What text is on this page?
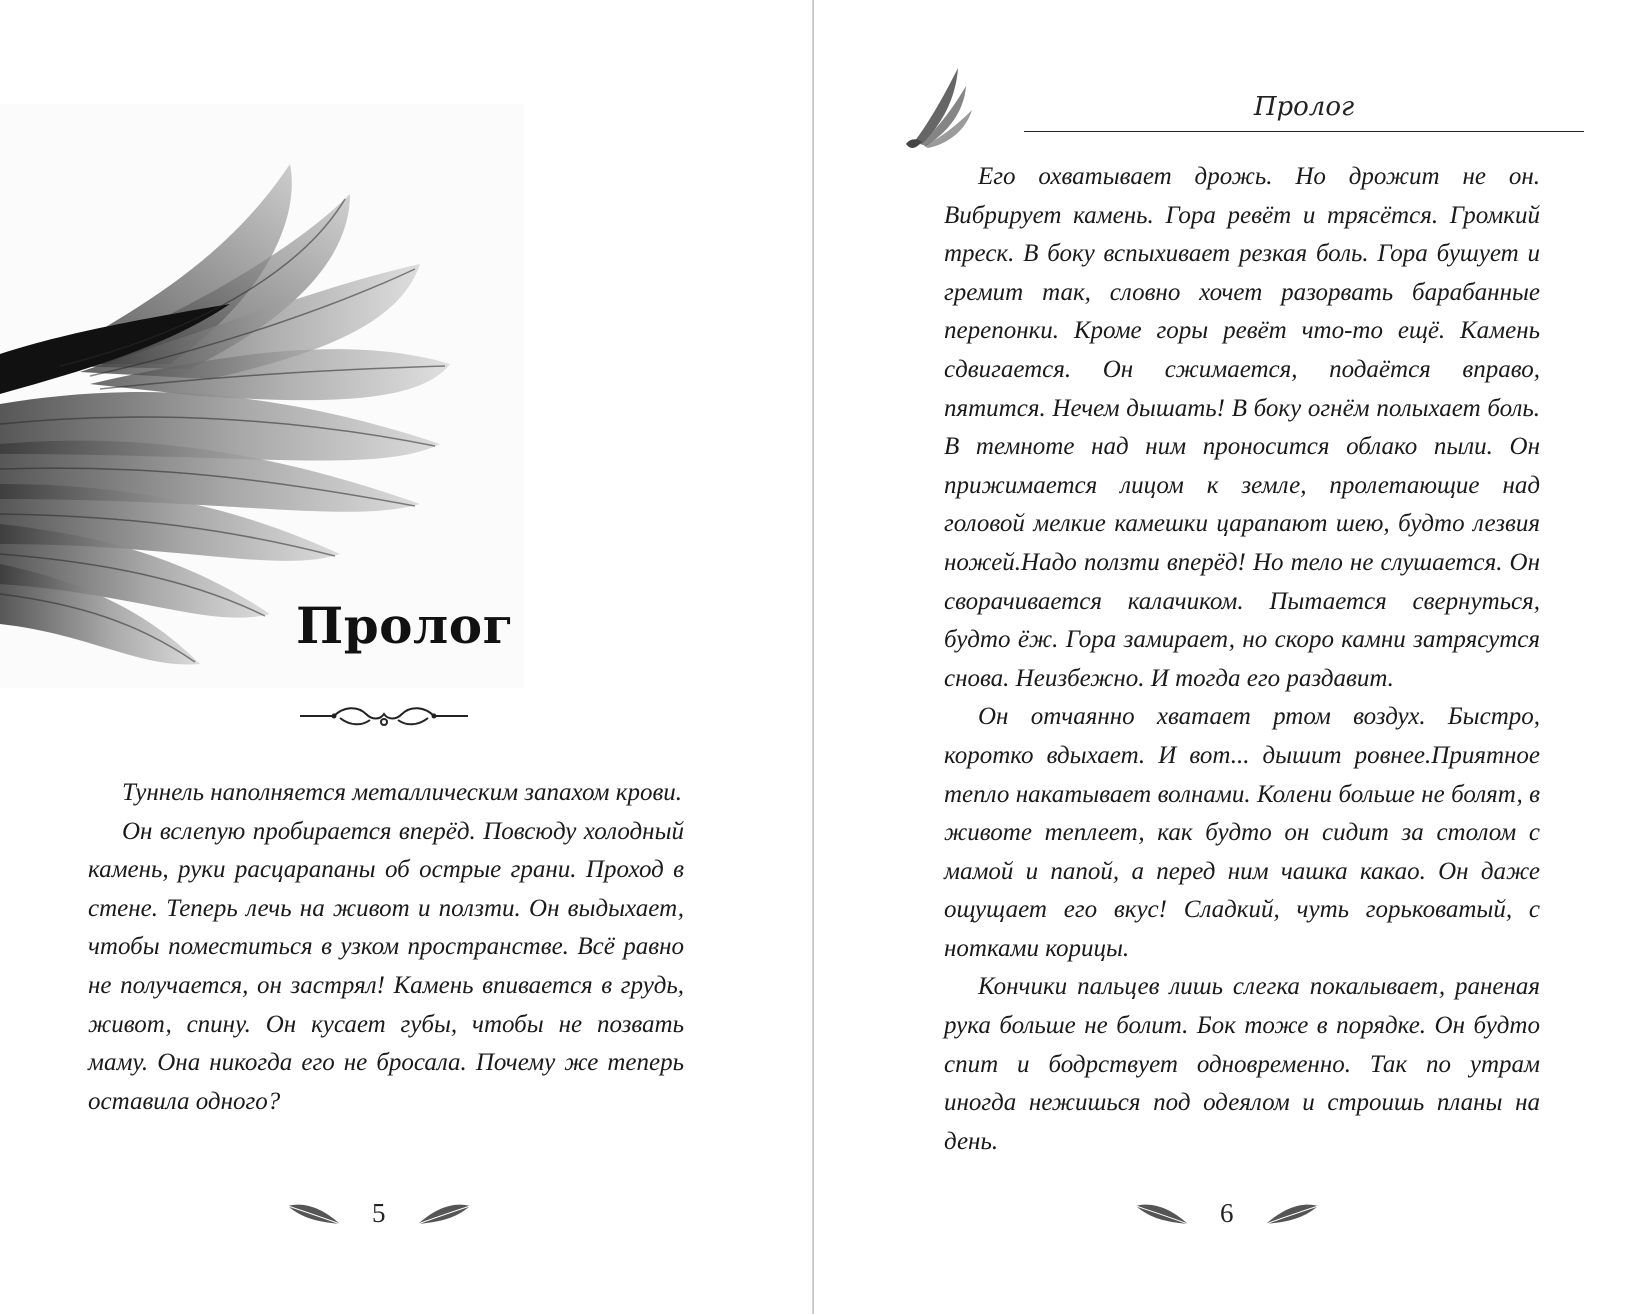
Пролог

Туннель наполняется металлическим запахом крови.

Он вслепую пробирается вперёд. Повсюду холодный камень, руки расцарапаны об острые грани. Проход в стене. Теперь лечь на живот и ползти. Он выдыхает, чтобы поместиться в узком пространстве. Всё равно не получается, он застрял! Камень впивается в грудь, живот, спину. Он кусает губы, чтобы не позвать маму. Она никогда его не бросала. Почему же теперь оставила одного?

5
Пролог

Его охватывает дрожь. Но дрожит не он. Вибрирует камень. Гора ревёт и трясётся. Громкий треск. В боку вспыхивает резкая боль. Гора бушует и гремит так, словно хочет разорвать барабанные перепонки. Кроме горы ревёт что-то ещё. Камень сдвигается. Он сжимается, подаётся вправо, пятится. Нечем дышать! В боку огнём полыхает боль. В темноте над ним проносится облако пыли. Он прижимается лицом к земле, пролетающие над головой мелкие камешки царапают шею, будто лезвия ножей.Надо ползти вперёд! Но тело не слушается. Он сворачивается калачиком. Пытается свернуться, будто ёж. Гора замирает, но скоро камни затрясутся снова. Неизбежно. И тогда его раздавит.

Он отчаянно хватает ртом воздух. Быстро, коротко вдыхает. И вот... дышит ровнее.Приятное тепло накатывает волнами. Колени больше не болят, в животе теплеет, как будто он сидит за столом с мамой и папой, а перед ним чашка какао. Он даже ощущает его вкус! Сладкий, чуть горьковатый, с нотками корицы.

Кончики пальцев лишь слегка покалывает, раненая рука больше не болит. Бок тоже в порядке. Он будто спит и бодрствует одновременно. Так по утрам иногда нежишься под одеялом и строишь планы на день.

6
